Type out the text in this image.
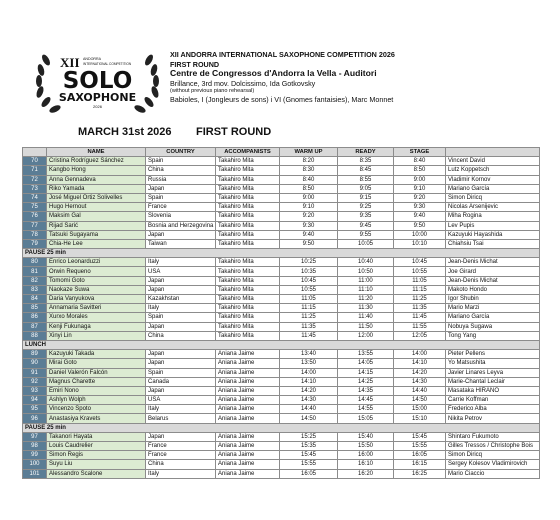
XII ANDORRA
INTERNATIONAL COMPETITION
SOLO
SAXOPHONE
2026
XII ANDORRA INTERNATIONAL SAXOPHONE COMPETITION 2026
FIRST ROUND
Centre de Congressos d'Andorra la Vella - Auditori
Brillance, 3rd mov. Dolcissimo, Ida Gotkovsky
(without previous piano rehearsal)
Babioles, I (Jongleurs de sons) i VI (Gnomes fantaisies), Marc Monnet
MARCH 31st 2026 FIRST ROUND
	NAME	COUNTRY	ACCOMPANISTS	WARM UP	READY	STAGE	
70	Cristina Rodríguez Sánchez	Spain	Takahiro Mita	8:20	8:35	8:40	Vincent David
71	Kangbo Hong	China	Takahiro Mita	8:30	8:45	8:50	Lutz Koppetsch
72	Anna Gennadeva	Russia	Takahiro Mita	8:40	8:55	9:00	Vladimir Kornov
73	Riko Yamada	Japan	Takahiro Mita	8:50	9:05	9:10	Mariano García
74	José Miguel Ortiz Solivelles	Spain	Takahiro Mita	9:00	9:15	9:20	Simon Diricq
75	Hugo Hernout	France	Takahiro Mita	9:10	9:25	9:30	Nicolas Arsenijevic
76	Maksim Gal	Slovenia	Takahiro Mita	9:20	9:35	9:40	Miha Rogina
77	Rijad Šarić	Bosnia and Herzegovina	Takahiro Mita	9:30	9:45	9:50	Lev Pupis
78	Tatsuki Sugayama	Japan	Takahiro Mita	9:40	9:55	10:00	Kazuyuki Hayashida
79	Chia-He Lee	Taiwan	Takahiro Mita	9:50	10:05	10:10	Chiahsiu Tsai
PAUSE 25 min							
80	Enrico Leonarduzzi	Italy	Takahiro Mita	10:25	10:40	10:45	Jean-Denis Michat
81	Orwin Requeno	USA	Takahiro Mita	10:35	10:50	10:55	Joe Girard
82	Tomomi Goto	Japan	Takahiro Mita	10:45	11:00	11:05	Jean-Denis Michat
83	Naokaze Suwa	Japan	Takahiro Mita	10:55	11:10	11:15	Makoto Hondo
84	Daria Vanyukova	Kazakhstan	Takahiro Mita	11:05	11:20	11:25	Igor Shubin
85	Annamaria Savitteri	Italy	Takahiro Mita	11:15	11:30	11:35	Mario Marzi
86	Xurxo Morales	Spain	Takahiro Mita	11:25	11:40	11:45	Mariano García
87	Kenji Fukunaga	Japan	Takahiro Mita	11:35	11:50	11:55	Nobuya Sugawa
88	Xinyi Lin	China	Takahiro Mita	11:45	12:00	12:05	Tong Yang
LUNCH							
89	Kazuyuki Takada	Japan	Aniana Jaime	13:40	13:55	14:00	Pieter Pellens
90	Mirai Goto	Japan	Aniana Jaime	13:50	14:05	14:10	Yo Matsushita
91	Daniel Valerón Falcón	Spain	Aniana Jaime	14:00	14:15	14:20	Javier Linares Leyva
92	Magnus Charette	Canada	Aniana Jaime	14:10	14:25	14:30	Marie-Chantal Leclair
93	Emiri Nono	Japan	Aniana Jaime	14:20	14:35	14:40	Masataka HIRANO
94	Ashlyn Wolph	USA	Aniana Jaime	14:30	14:45	14:50	Carrie Koffman
95	Vincenzo Spoto	Italy	Aniana Jaime	14:40	14:55	15:00	Frederico Alba
96	Anastasiya Kravets	Belarus	Aniana Jaime	14:50	15:05	15:10	Nikita Petrov
PAUSE 25 min							
97	Takanori Hayata	Japan	Aniana Jaime	15:25	15:40	15:45	Shintaro Fukumoto
98	Louis Caudrelier	France	Aniana Jaime	15:35	15:50	15:55	Gilles Tressos / Christophe Bois
99	Simon Regis	France	Aniana Jaime	15:45	16:00	16:05	Simon Diricq
100	Suyu Liu	China	Aniana Jaime	15:55	16:10	16:15	Sergey Kolesov Vladimirovich
101	Alessandro Scalone	Italy	Aniana Jaime	16:05	16:20	16:25	Mario Ciaccio
